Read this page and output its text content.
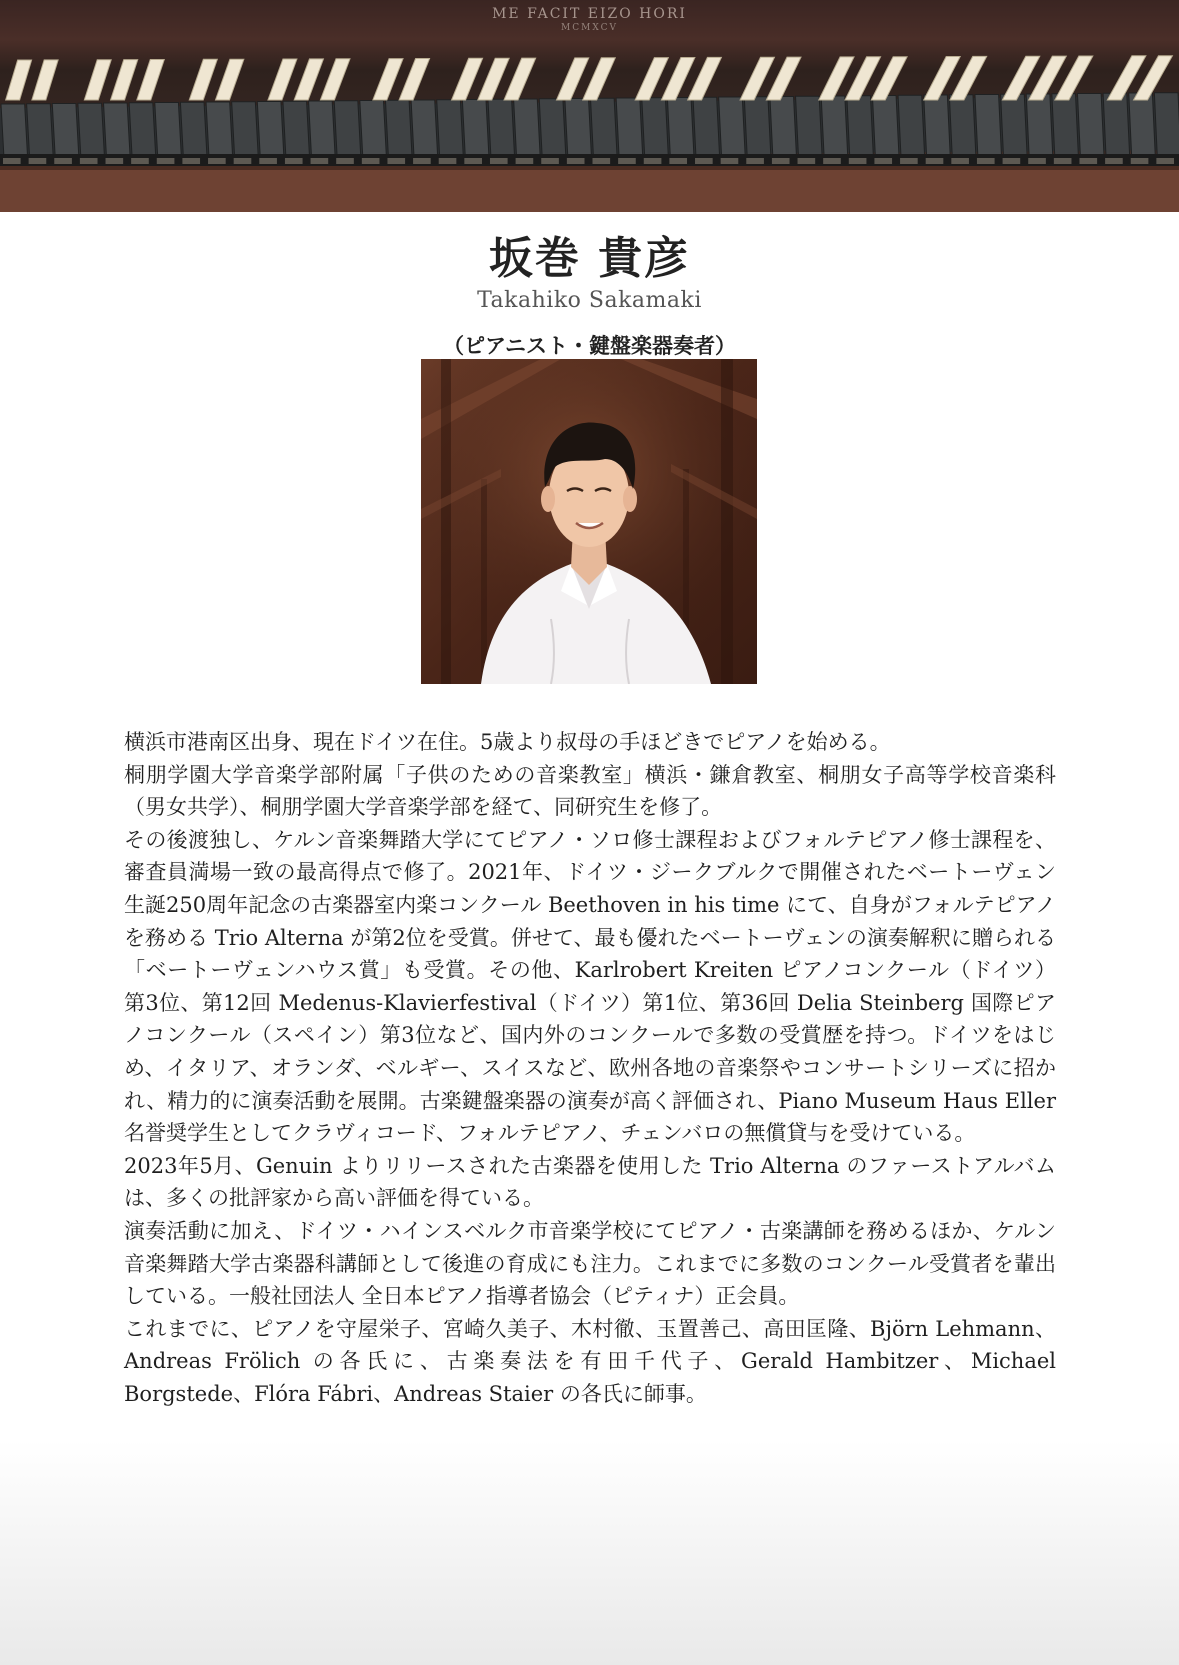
ME FACIT EIZO HORI
MCMXCV
坂巻 貴彦
Takahiko Sakamaki
（ピアニスト・鍵盤楽器奏者）

横浜市港南区出身、現在ドイツ在住。5歳より叔母の手ほどきでピアノを始める。

桐朋学園大学音楽学部附属「子供のための音楽教室」横浜・鎌倉教室、桐朋女子高等学校音楽科（男女共学）、桐朋学園大学音楽学部を経て、同研究生を修了。

その後渡独し、ケルン音楽舞踏大学にてピアノ・ソロ修士課程およびフォルテピアノ修士課程を、審査員満場一致の最高得点で修了。2021年、ドイツ・ジークブルクで開催されたベートーヴェン生誕250周年記念の古楽器室内楽コンクール Beethoven in his time にて、自身がフォルテピアノを務める Trio Alterna が第2位を受賞。併せて、最も優れたベートーヴェンの演奏解釈に贈られる「ベートーヴェンハウス賞」も受賞。その他、Karlrobert Kreiten ピアノコンクール（ドイツ）第3位、第12回 Medenus-Klavierfestival（ドイツ）第1位、第36回 Delia Steinberg 国際ピアノコンクール（スペイン）第3位など、国内外のコンクールで多数の受賞歴を持つ。ドイツをはじめ、イタリア、オランダ、ベルギー、スイスなど、欧州各地の音楽祭やコンサートシリーズに招かれ、精力的に演奏活動を展開。古楽鍵盤楽器の演奏が高く評価され、Piano Museum Haus Eller 名誉奨学生としてクラヴィコード、フォルテピアノ、チェンバロの無償貸与を受けている。

2023年5月、Genuin よりリリースされた古楽器を使用した Trio Alterna のファーストアルバムは、多くの批評家から高い評価を得ている。

演奏活動に加え、ドイツ・ハインスベルク市音楽学校にてピアノ・古楽講師を務めるほか、ケルン音楽舞踏大学古楽器科講師として後進の育成にも注力。これまでに多数のコンクール受賞者を輩出している。一般社団法人 全日本ピアノ指導者協会（ピティナ）正会員。

これまでに、ピアノを守屋栄子、宮崎久美子、木村徹、玉置善己、高田匡隆、Björn Lehmann、Andreas Frölich の各氏に、古楽奏法を有田千代子、Gerald Hambitzer、Michael Borgstede、Flóra Fábri、Andreas Staier の各氏に師事。
